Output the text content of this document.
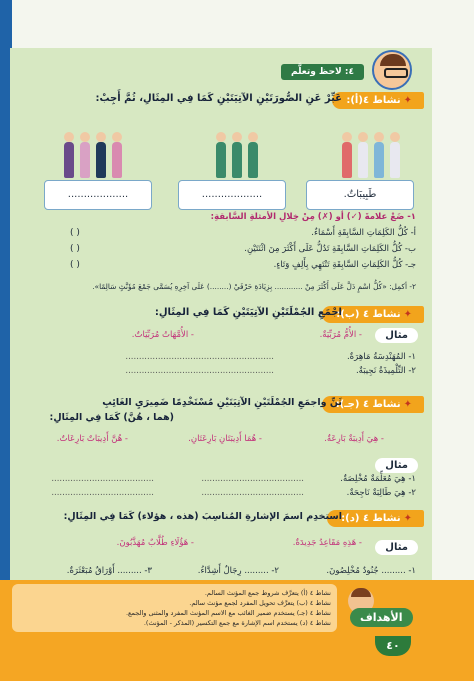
٤: لاحظ وتعلَّم
✦نشاط ٤(أ):
عَبِّرْ عَنِ الصُّورَتَيْنِ الآتِيَتَيْنِ كَمَا فِي المِثَالِ، ثُمَّ أَجِبْ:
طَبِيبَاتٌ.
...................
...................
١- ضَعْ علامةَ (✓) أو (✗) مِنْ خِلالِ الأمثلةِ السَّابقةِ:
أ- كُلُّ الكَلِمَاتِ السَّابِقَةِ أَسْمَاءٌ.
ب- كُلُّ الكَلِمَاتِ السَّابِقَةِ تَدُلُّ عَلَى أَكْثَرَ مِنَ اثْنَتَيْنِ.
جـ- كُلُّ الكَلِمَاتِ السَّابِقَةِ تَنْتَهِي بِأَلِفٍ وَتَاءٍ.
( )
( )
( )
٢- أكمِل: «كُلُّ اسْمٍ دَلَّ عَلَى أَكْثَرَ مِنْ ............ بِزِيَادَةِ حَرْفَيْ (........) عَلَى آخِرِهِ يُسَمَّى جَمْعَ مُؤَنَّثٍ سَالِمًا».
✦نشاط ٤ (ب):
اجْمَعِ الجُمْلَتَيْنِ الآتِيَتَيْنِ كَمَا فِي المِثَالِ:
مثال
- الأُمُّ مُرَبِّيَةٌ.
- الأُمَّهَاتُ مُرَبِّيَاتٌ.
١- المُهَنْدِسَةُ مَاهِرَةٌ.
٢- التِّلْمِيذَةُ نَجِيبَةٌ.
.......................................................
.......................................................
✦نشاط ٤ (جـ):
ثَنِّ واجمَعِ الجُمْلَتَيْنِ الآتِيَتَيْنِ مُسْتَخْدِمًا ضَمِيرَيِ الغَائِبِ
(هما ، هُنَّ) كَمَا فِي المِثَالِ:
- هِيَ أَدِيبَةٌ بَارِعَةٌ.
- هُمَا أَدِيبَتَانِ بَارِعَتَانِ.
- هُنَّ أَدِيبَاتٌ بَارِعَاتٌ.
مثال
١- هِيَ مُعَلِّمَةٌ مُخْلِصَةٌ.
٢- هِيَ طَالِبَةٌ نَاجِحَةٌ.
......................................
......................................
......................................
......................................
✦نشاط ٤ (د):
استخدِم اسمَ الإشارةِ المُناسِبَ (هذه ، هؤلاء) كَمَا فِي المِثَالِ:
مثال
- هَذِهِ مَقَاعِدُ جَدِيدَةٌ.
- هَؤُلَاءِ طُلَّابٌ مُهَذَّبُونَ.
١- ......... جُنُودٌ مُخْلِصُونَ.
٢- ......... رِجَالٌ أَشِدَّاءُ.
٣- ......... أَوْرَاقٌ مُبَعْثَرَةٌ.
نشاط ٤ (أ) يتعرَّف شروط جمع المؤنث السالم.
نشاط ٤ (ب) يتعرَّف تحويل المفرد لجمع مؤنث سالم.
نشاط ٤ (جـ) يستخدم ضمير الغائب مع الاسم المؤنث المفرد والمثنى والجمع.
نشاط ٤ (د) يستخدم اسم الإشارة مع جمع التكسير (المذكر - المؤنث).	الأهداف
٤٠
